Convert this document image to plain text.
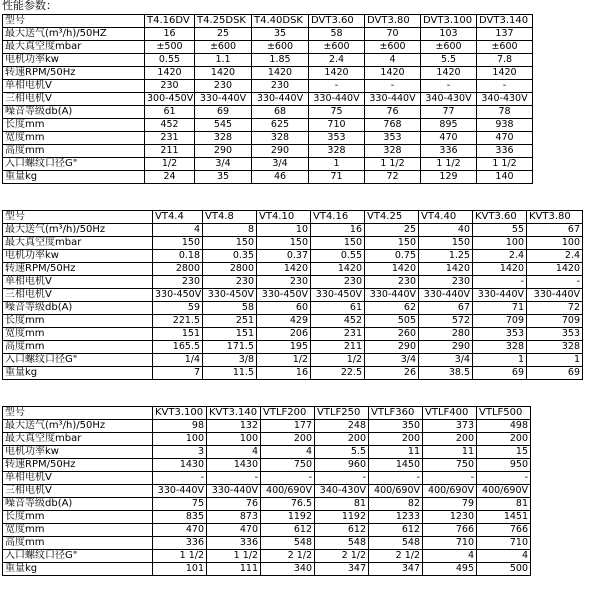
性能参数：
型号	T4.16DV	T4.25DSK	T4.40DSK	DVT3.60	DVT3.80	DVT3.100	DVT3.140
最大送气(m³/h)/50HZ	16	25	35	58	70	103	137
最大真空度mbar	±500	±600	±600	±600	±600	±600	±600
电机功率kw	0.55	1.1	1.85	2.4	4	5.5	7.8
转速RPM/50Hz	1420	1420	1420	1420	1420	1420	1420
单相电机V	230	230	230	-	-	-	-
三相电机V	300-450V	330-440V	330-440V	330-440V	330-440V	340-430V	340-430V
噪音等级db(A)	61	69	68	75	76	77	78
长度mm	452	545	625	710	768	895	938
宽度mm	231	328	328	353	353	470	470
高度mm	211	290	290	328	328	336	336
入口螺纹口径G"	1/2	3/4	3/4	1	1 1/2	1 1/2	1 1/2
重量kg	24	35	46	71	72	129	140
型号	VT4.4	VT4.8	VT4.10	VT4.16	VT4.25	VT4.40	KVT3.60	KVT3.80
最大送气(m³/h)/50Hz	4	8	10	16	25	40	55	67
最大真空度mbar	150	150	150	150	150	150	100	100
电机功率kw	0.18	0.35	0.37	0.55	0.75	1.25	2.4	2.4
转速RPM/50Hz	2800	2800	1420	1420	1420	1420	1420	1420
单相电机V	230	230	230	230	230	230	-	-
三相电机V	330-450V	330-450V	330-450V	330-450V	330-440V	330-440V	330-440V	330-440V
噪音等级db(A)	59	58	60	61	62	67	71	72
长度mm	221.5	251	429	452	505	572	709	709
宽度mm	151	151	206	231	260	280	353	353
高度mm	165.5	171.5	195	211	290	290	328	328
入口螺纹口径G"	1/4	3/8	1/2	1/2	3/4	3/4	1	1
重量kg	7	11.5	16	22.5	26	38.5	69	69
型号	KVT3.100	KVT3.140	VTLF200	VTLF250	VTLF360	VTLF400	VTLF500
最大送气(m³/h)/50Hz	98	132	177	248	350	373	498
最大真空度mbar	100	100	200	200	200	200	200
电机功率kw	3	4	4	5.5	11	11	15
转速RPM/50Hz	1430	1430	750	960	1450	750	950
单相电机V	-	-	-	-	-	-	-
三相电机V	330-440V	330-440V	400/690V	340-430V	400/690V	400/690V	400/690V
噪音等级db(A)	75	76	76.5	81	82	79	81
长度mm	835	873	1192	1192	1233	1230	1451
宽度mm	470	470	612	612	612	766	766
高度mm	336	336	548	548	548	710	710
入口螺纹口径G"	1 1/2	1 1/2	2 1/2	2 1/2	2 1/2	4	4
重量kg	101	111	340	347	347	495	500
